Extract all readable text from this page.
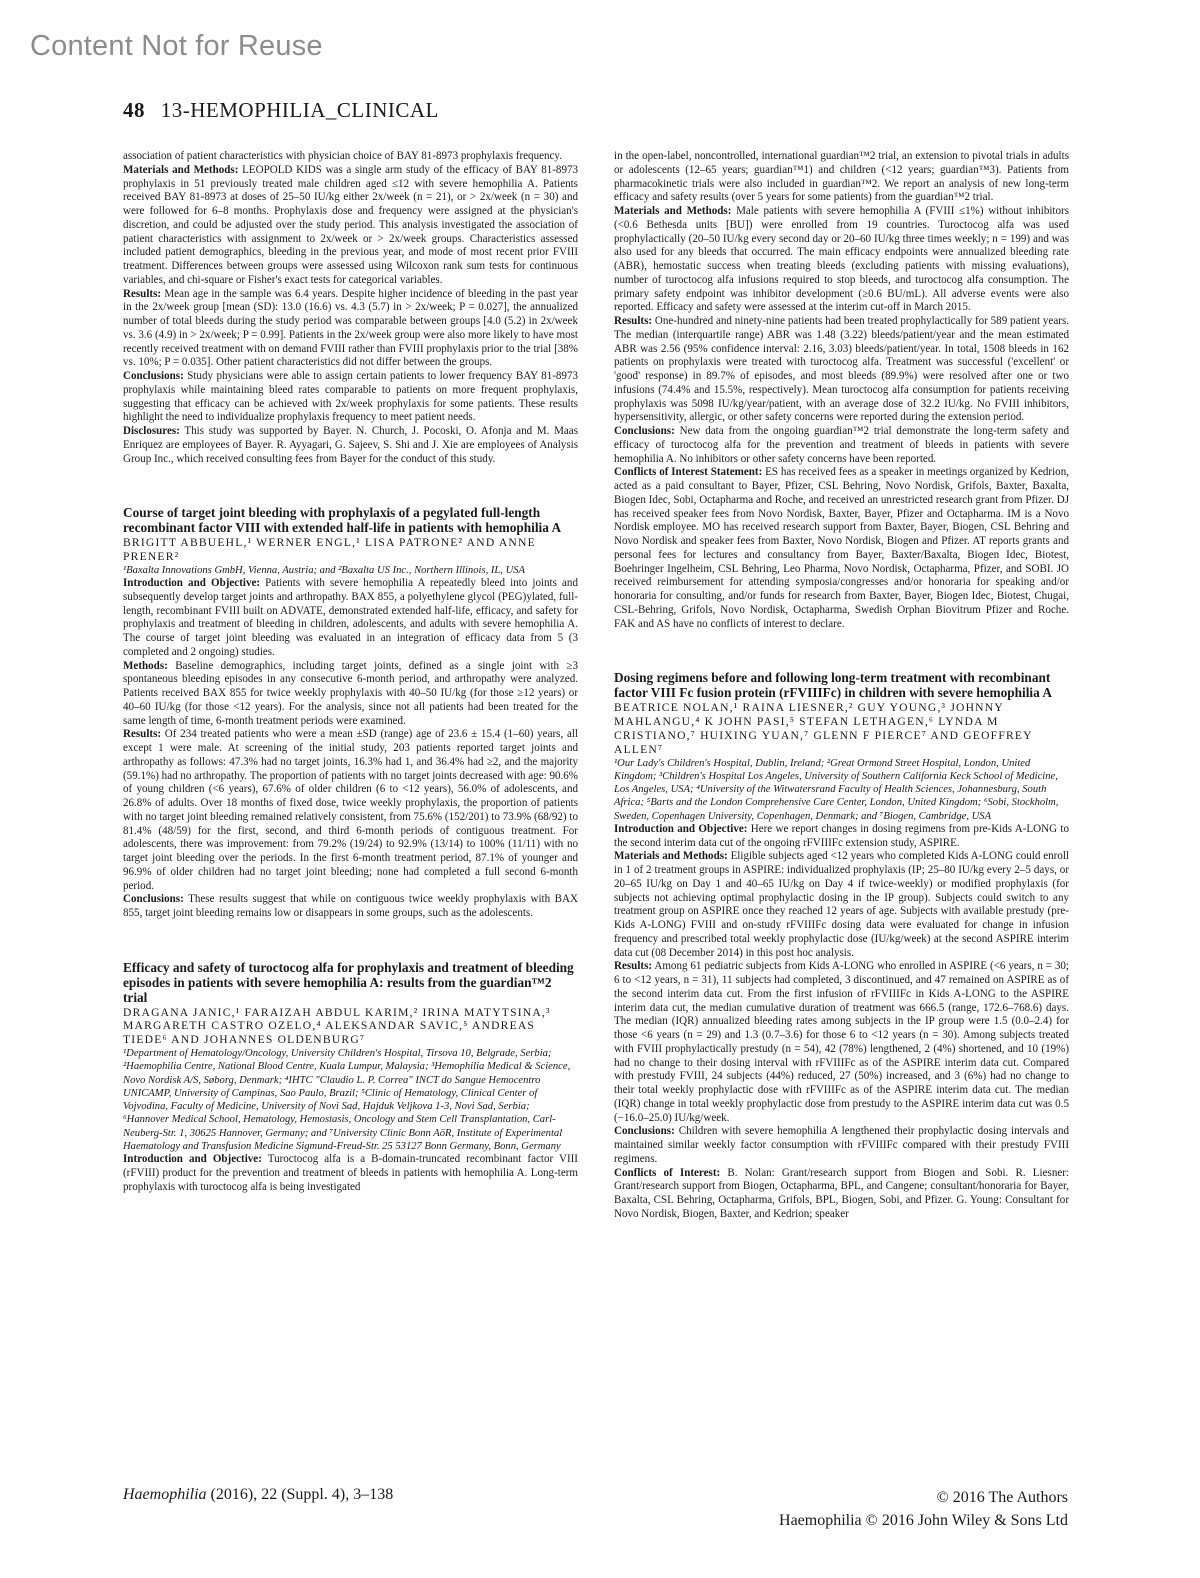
Content Not for Reuse
48 13-HEMOPHILIA_CLINICAL

association of patient characteristics with physician choice of BAY 81-8973 prophylaxis frequency.

Materials and Methods: LEOPOLD KIDS was a single arm study of the efficacy of BAY 81-8973 prophylaxis in 51 previously treated male children aged ≤12 with severe hemophilia A. Patients received BAY 81-8973 at doses of 25–50 IU/kg either 2x/week (n = 21), or > 2x/week (n = 30) and were followed for 6–8 months. Prophylaxis dose and frequency were assigned at the physician's discretion, and could be adjusted over the study period. This analysis investigated the association of patient characteristics with assignment to 2x/week or > 2x/week groups. Characteristics assessed included patient demographics, bleeding in the previous year, and mode of most recent prior FVIII treatment. Differences between groups were assessed using Wilcoxon rank sum tests for continuous variables, and chi-square or Fisher's exact tests for categorical variables.

Results: Mean age in the sample was 6.4 years. Despite higher incidence of bleeding in the past year in the 2x/week group [mean (SD): 13.0 (16.6) vs. 4.3 (5.7) in > 2x/week; P = 0.027], the annualized number of total bleeds during the study period was comparable between groups [4.0 (5.2) in 2x/week vs. 3.6 (4.9) in > 2x/week; P = 0.99]. Patients in the 2x/week group were also more likely to have most recently received treatment with on demand FVIII rather than FVIII prophylaxis prior to the trial [38% vs. 10%; P = 0.035]. Other patient characteristics did not differ between the groups.

Conclusions: Study physicians were able to assign certain patients to lower frequency BAY 81-8973 prophylaxis while maintaining bleed rates comparable to patients on more frequent prophylaxis, suggesting that efficacy can be achieved with 2x/week prophylaxis for some patients. These results highlight the need to individualize prophylaxis frequency to meet patient needs.

Disclosures: This study was supported by Bayer. N. Church, J. Pocoski, O. Afonja and M. Maas Enriquez are employees of Bayer. R. Ayyagari, G. Sajeev, S. Shi and J. Xie are employees of Analysis Group Inc., which received consulting fees from Bayer for the conduct of this study.

Course of target joint bleeding with prophylaxis of a pegylated full-length recombinant factor VIII with extended half-life in patients with hemophilia A

BRIGITT ABBUEHL,¹ WERNER ENGL,¹ LISA PATRONE² AND ANNE PRENER²

¹Baxalta Innovations GmbH, Vienna, Austria; and ²Baxalta US Inc., Northern Illinois, IL, USA

Introduction and Objective: Patients with severe hemophilia A repeatedly bleed into joints and subsequently develop target joints and arthropathy. BAX 855, a polyethylene glycol (PEG)ylated, full-length, recombinant FVIII built on ADVATE, demonstrated extended half-life, efficacy, and safety for prophylaxis and treatment of bleeding in children, adolescents, and adults with severe hemophilia A. The course of target joint bleeding was evaluated in an integration of efficacy data from 5 (3 completed and 2 ongoing) studies.

Methods: Baseline demographics, including target joints, defined as a single joint with ≥3 spontaneous bleeding episodes in any consecutive 6-month period, and arthropathy were analyzed. Patients received BAX 855 for twice weekly prophylaxis with 40–50 IU/kg (for those ≥12 years) or 40–60 IU/kg (for those <12 years). For the analysis, since not all patients had been treated for the same length of time, 6-month treatment periods were examined.

Results: Of 234 treated patients who were a mean ±SD (range) age of 23.6 ± 15.4 (1–60) years, all except 1 were male. At screening of the initial study, 203 patients reported target joints and arthropathy as follows: 47.3% had no target joints, 16.3% had 1, and 36.4% had ≥2, and the majority (59.1%) had no arthropathy. The proportion of patients with no target joints decreased with age: 90.6% of young children (<6 years), 67.6% of older children (6 to <12 years), 56.0% of adolescents, and 26.8% of adults. Over 18 months of fixed dose, twice weekly prophylaxis, the proportion of patients with no target joint bleeding remained relatively consistent, from 75.6% (152/201) to 73.9% (68/92) to 81.4% (48/59) for the first, second, and third 6-month periods of contiguous treatment. For adolescents, there was improvement: from 79.2% (19/24) to 92.9% (13/14) to 100% (11/11) with no target joint bleeding over the periods. In the first 6-month treatment period, 87.1% of younger and 96.9% of older children had no target joint bleeding; none had completed a full second 6-month period.

Conclusions: These results suggest that while on contiguous twice weekly prophylaxis with BAX 855, target joint bleeding remains low or disappears in some groups, such as the adolescents.

Efficacy and safety of turoctocog alfa for prophylaxis and treatment of bleeding episodes in patients with severe hemophilia A: results from the guardian™2 trial

DRAGANA JANIC,¹ FARAIZAH ABDUL KARIM,² IRINA MATYTSINA,³ MARGARETH CASTRO OZELO,⁴ ALEKSANDAR SAVIC,⁵ ANDREAS TIEDE⁶ AND JOHANNES OLDENBURG⁷

¹Department of Hematology/Oncology, University Children's Hospital, Tirsova 10, Belgrade, Serbia; ²Haemophilia Centre, National Blood Centre, Kuala Lumpur, Malaysia; ³Hemophilia Medical & Science, Novo Nordisk A/S, Søborg, Denmark; ⁴IHTC "Claudio L. P. Correa" INCT do Sangue Hemocentro UNICAMP, University of Campinas, Sao Paulo, Brazil; ⁵Clinic of Hematology, Clinical Center of Vojvodina, Faculty of Medicine, University of Novi Sad, Hajduk Veljkova 1-3, Novi Sad, Serbia; ⁶Hannover Medical School, Hematology, Hemostasis, Oncology and Stem Cell Transplantation, Carl-Neuberg-Str. 1, 30625 Hannover, Germany; and ⁷University Clinic Bonn AöR, Institute of Experimental Haematology and Transfusion Medicine Sigmund-Freud-Str. 25 53127 Bonn Germany, Bonn, Germany

Introduction and Objective: Turoctocog alfa is a B-domain-truncated recombinant factor VIII (rFVIII) product for the prevention and treatment of bleeds in patients with hemophilia A. Long-term prophylaxis with turoctocog alfa is being investigated

in the open-label, noncontrolled, international guardian™2 trial, an extension to pivotal trials in adults or adolescents (12–65 years; guardian™1) and children (<12 years; guardian™3). Patients from pharmacokinetic trials were also included in guardian™2. We report an analysis of new long-term efficacy and safety results (over 5 years for some patients) from the guardian™2 trial.

Materials and Methods: Male patients with severe hemophilia A (FVIII ≤1%) without inhibitors (<0.6 Bethesda units [BU]) were enrolled from 19 countries. Turoctocog alfa was used prophylactically (20–50 IU/kg every second day or 20–60 IU/kg three times weekly; n = 199) and was also used for any bleeds that occurred. The main efficacy endpoints were annualized bleeding rate (ABR), hemostatic success when treating bleeds (excluding patients with missing evaluations), number of turoctocog alfa infusions required to stop bleeds, and turoctocog alfa consumption. The primary safety endpoint was inhibitor development (≥0.6 BU/mL). All adverse events were also reported. Efficacy and safety were assessed at the interim cut-off in March 2015.

Results: One-hundred and ninety-nine patients had been treated prophylactically for 589 patient years. The median (interquartile range) ABR was 1.48 (3.22) bleeds/patient/year and the mean estimated ABR was 2.56 (95% confidence interval: 2.16, 3.03) bleeds/patient/year. In total, 1508 bleeds in 162 patients on prophylaxis were treated with turoctocog alfa. Treatment was successful ('excellent' or 'good' response) in 89.7% of episodes, and most bleeds (89.9%) were resolved after one or two infusions (74.4% and 15.5%, respectively). Mean turoctocog alfa consumption for patients receiving prophylaxis was 5098 IU/kg/year/patient, with an average dose of 32.2 IU/kg. No FVIII inhibitors, hypersensitivity, allergic, or other safety concerns were reported during the extension period.

Conclusions: New data from the ongoing guardian™2 trial demonstrate the long-term safety and efficacy of turoctocog alfa for the prevention and treatment of bleeds in patients with severe hemophilia A. No inhibitors or other safety concerns have been reported.

Conflicts of Interest Statement: ES has received fees as a speaker in meetings organized by Kedrion, acted as a paid consultant to Bayer, Pfizer, CSL Behring, Novo Nordisk, Grifols, Baxter, Baxalta, Biogen Idec, Sobi, Octapharma and Roche, and received an unrestricted research grant from Pfizer. DJ has received speaker fees from Novo Nordisk, Baxter, Bayer, Pfizer and Octapharma. IM is a Novo Nordisk employee. MO has received research support from Baxter, Bayer, Biogen, CSL Behring and Novo Nordisk and speaker fees from Baxter, Novo Nordisk, Biogen and Pfizer. AT reports grants and personal fees for lectures and consultancy from Bayer, Baxter/Baxalta, Biogen Idec, Biotest, Boehringer Ingelheim, CSL Behring, Leo Pharma, Novo Nordisk, Octapharma, Pfizer, and SOBI. JO received reimbursement for attending symposia/congresses and/or honoraria for speaking and/or honoraria for consulting, and/or funds for research from Baxter, Bayer, Biogen Idec, Biotest, Chugai, CSL-Behring, Grifols, Novo Nordisk, Octapharma, Swedish Orphan Biovitrum Pfizer and Roche. FAK and AS have no conflicts of interest to declare.

Dosing regimens before and following long-term treatment with recombinant factor VIII Fc fusion protein (rFVIIIFc) in children with severe hemophilia A

BEATRICE NOLAN,¹ RAINA LIESNER,² GUY YOUNG,³ JOHNNY MAHLANGU,⁴ K JOHN PASI,⁵ STEFAN LETHAGEN,⁶ LYNDA M CRISTIANO,⁷ HUIXING YUAN,⁷ GLENN F PIERCE⁷ AND GEOFFREY ALLEN⁷

¹Our Lady's Children's Hospital, Dublin, Ireland; ²Great Ormond Street Hospital, London, United Kingdom; ³Children's Hospital Los Angeles, University of Southern California Keck School of Medicine, Los Angeles, USA; ⁴University of the Witwatersrand Faculty of Health Sciences, Johannesburg, South Africa; ⁵Barts and the London Comprehensive Care Center, London, United Kingdom; ⁶Sobi, Stockholm, Sweden, Copenhagen University, Copenhagen, Denmark; and ⁷Biogen, Cambridge, USA

Introduction and Objective: Here we report changes in dosing regimens from pre-Kids A-LONG to the second interim data cut of the ongoing rFVIIIFc extension study, ASPIRE.

Materials and Methods: Eligible subjects aged <12 years who completed Kids A-LONG could enroll in 1 of 2 treatment groups in ASPIRE: individualized prophylaxis (IP; 25–80 IU/kg every 2–5 days, or 20–65 IU/kg on Day 1 and 40–65 IU/kg on Day 4 if twice-weekly) or modified prophylaxis (for subjects not achieving optimal prophylactic dosing in the IP group). Subjects could switch to any treatment group on ASPIRE once they reached 12 years of age. Subjects with available prestudy (pre-Kids A-LONG) FVIII and on-study rFVIIIFc dosing data were evaluated for change in infusion frequency and prescribed total weekly prophylactic dose (IU/kg/week) at the second ASPIRE interim data cut (08 December 2014) in this post hoc analysis.

Results: Among 61 pediatric subjects from Kids A-LONG who enrolled in ASPIRE (<6 years, n = 30; 6 to <12 years, n = 31), 11 subjects had completed, 3 discontinued, and 47 remained on ASPIRE as of the second interim data cut. From the first infusion of rFVIIIFc in Kids A-LONG to the ASPIRE interim data cut, the median cumulative duration of treatment was 666.5 (range, 172.6–768.6) days. The median (IQR) annualized bleeding rates among subjects in the IP group were 1.5 (0.0–2.4) for those <6 years (n = 29) and 1.3 (0.7–3.6) for those 6 to <12 years (n = 30). Among subjects treated with FVIII prophylactically prestudy (n = 54), 42 (78%) lengthened, 2 (4%) shortened, and 10 (19%) had no change to their dosing interval with rFVIIIFc as of the ASPIRE interim data cut. Compared with prestudy FVIII, 24 subjects (44%) reduced, 27 (50%) increased, and 3 (6%) had no change to their total weekly prophylactic dose with rFVIIIFc as of the ASPIRE interim data cut. The median (IQR) change in total weekly prophylactic dose from prestudy to the ASPIRE interim data cut was 0.5 (−16.0–25.0) IU/kg/week.

Conclusions: Children with severe hemophilia A lengthened their prophylactic dosing intervals and maintained similar weekly factor consumption with rFVIIIFc compared with their prestudy FVIII regimens.

Conflicts of Interest: B. Nolan: Grant/research support from Biogen and Sobi. R. Liesner: Grant/research support from Biogen, Octapharma, BPL, and Cangene; consultant/honoraria for Bayer, Baxalta, CSL Behring, Octapharma, Grifols, BPL, Biogen, Sobi, and Pfizer. G. Young: Consultant for Novo Nordisk, Biogen, Baxter, and Kedrion; speaker

Haemophilia (2016), 22 (Suppl. 4), 3–138	© 2016 The Authors
Haemophilia © 2016 John Wiley & Sons Ltd
